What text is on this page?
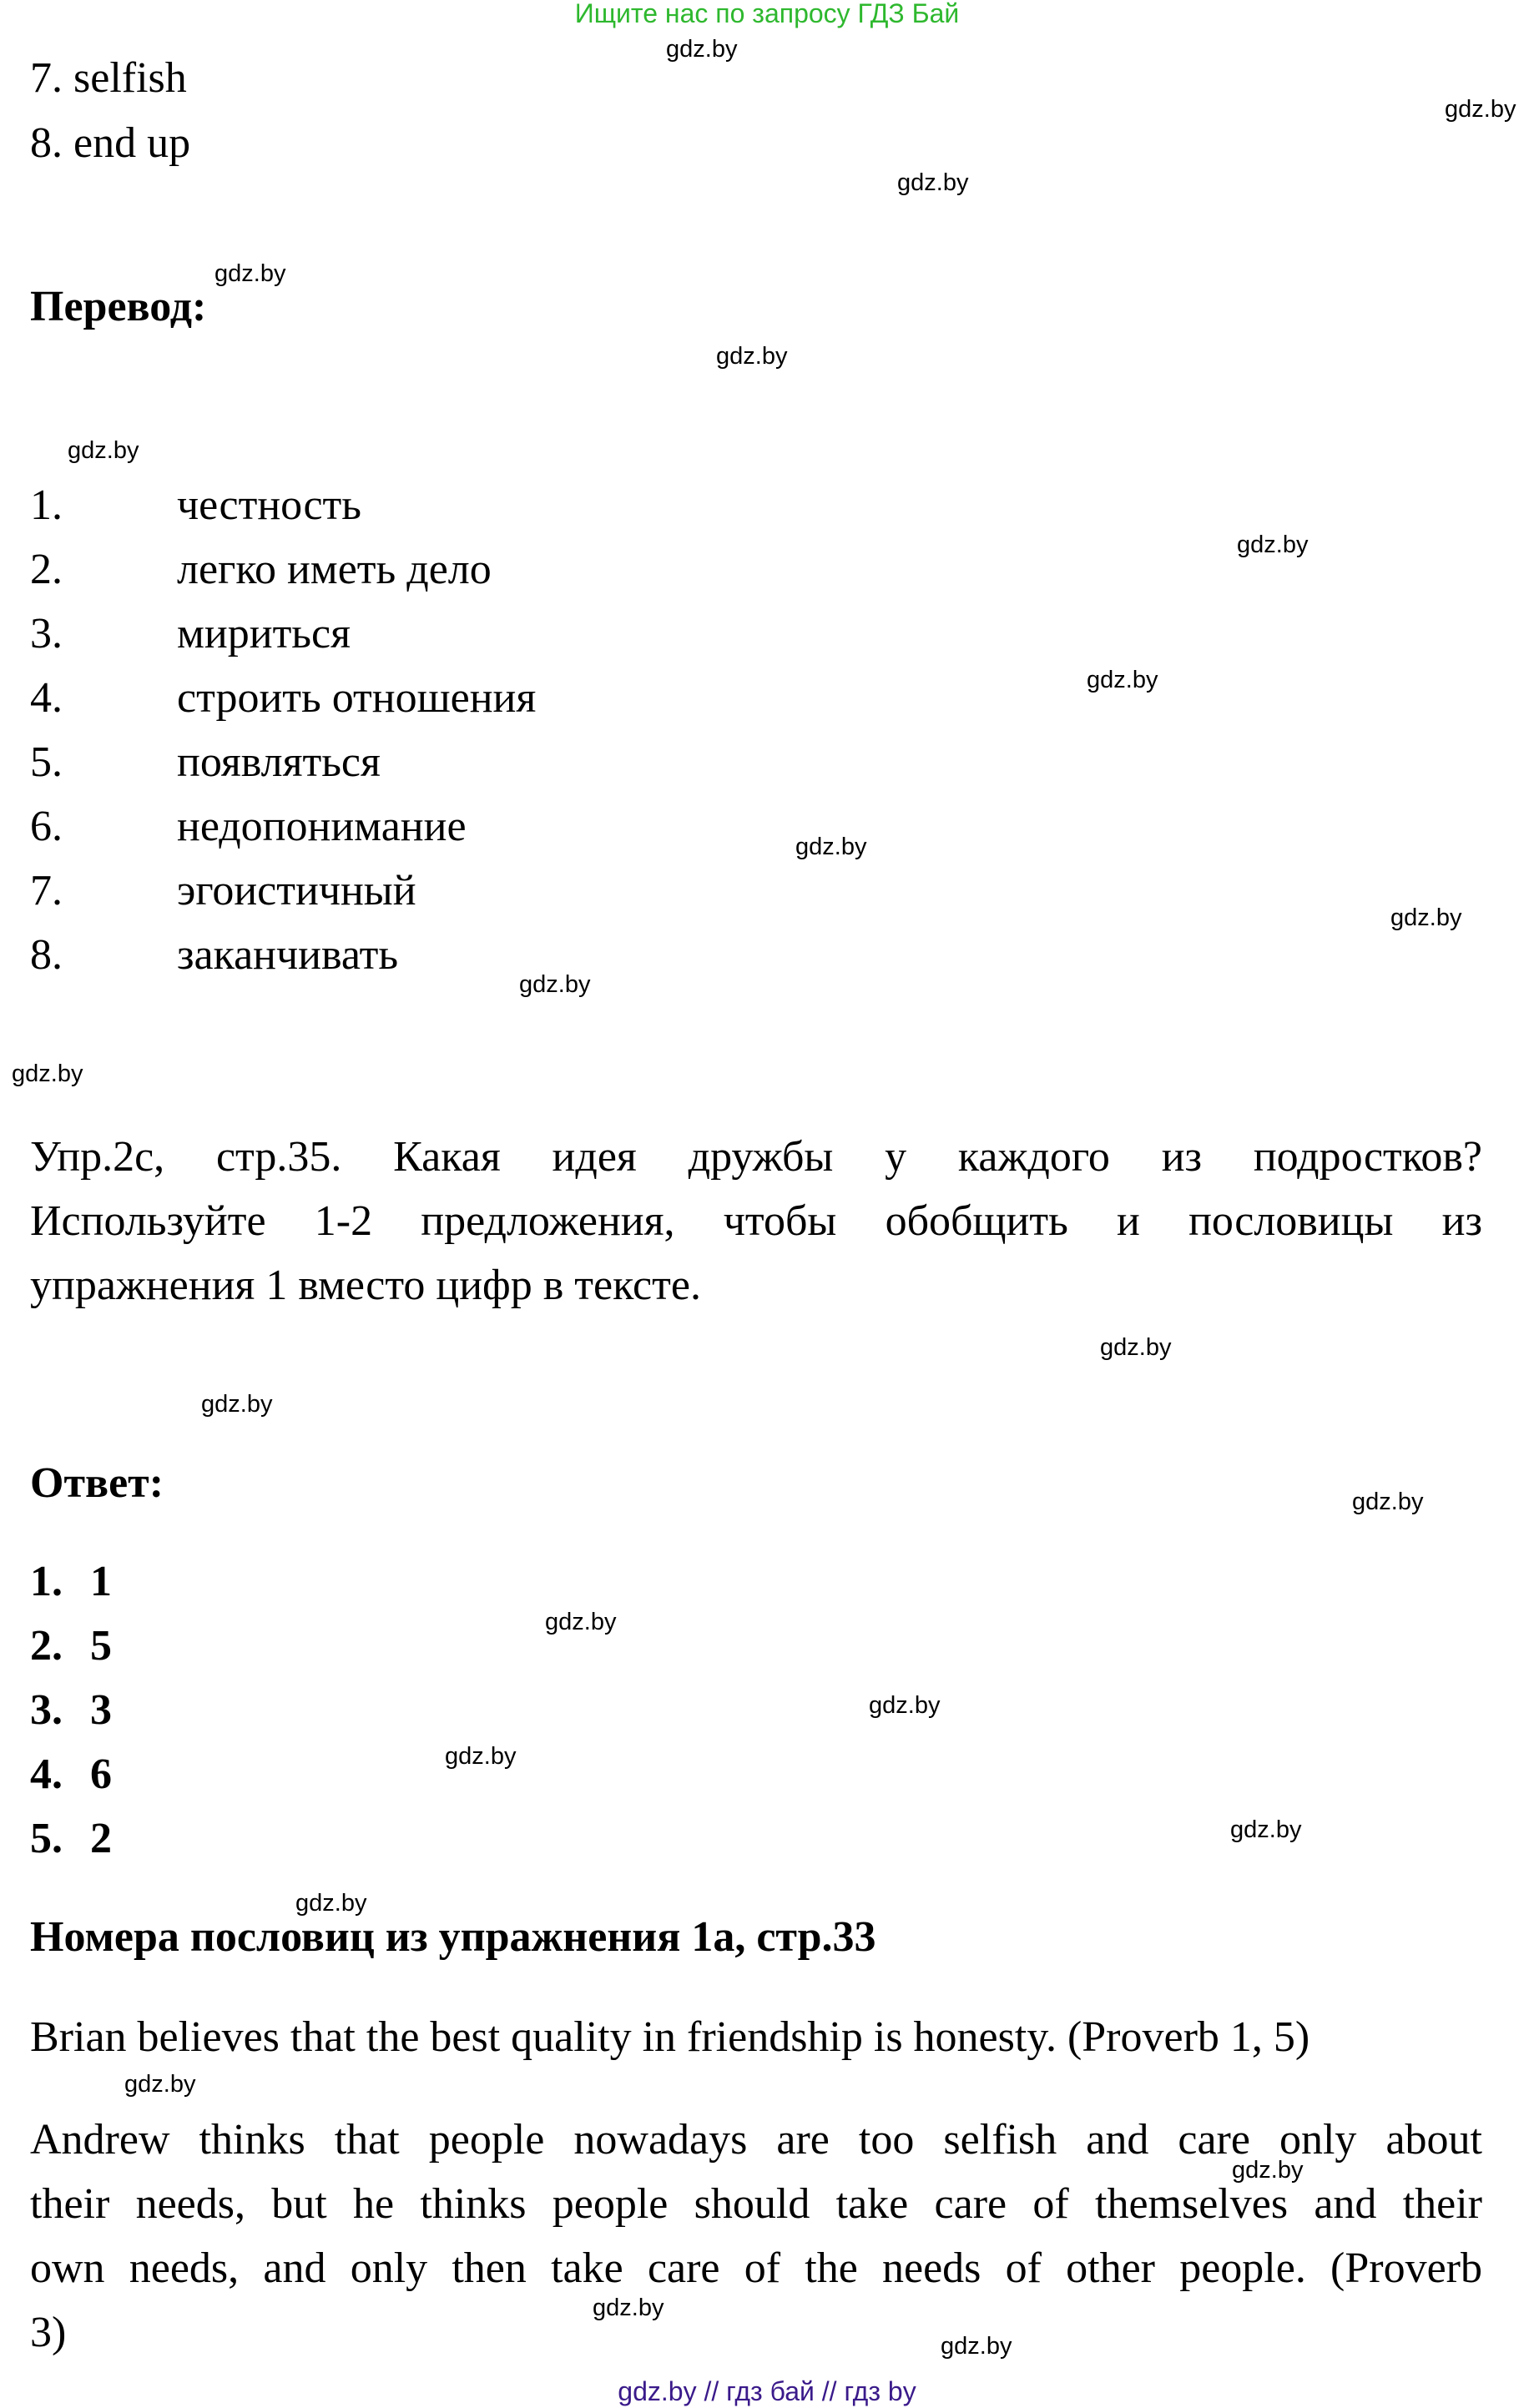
Ищите нас по запросу ГДЗ Бай
7. selfish
8. end up
Перевод:
1.	честность
2.	легко иметь дело
3.	мириться
4.	строить отношения
5.	появляться
6.	недопонимание
7.	эгоистичный
8.	заканчивать
Упр.2c, стр.35. Какая идея дружбы у каждого из подростков?
Используйте 1-2 предложения, чтобы обобщить и пословицы из
упражнения 1 вместо цифр в тексте.
Ответ:
1. 1
2. 5
3. 3
4. 6
5. 2
Номера пословиц из упражнения 1a, стр.33
Brian believes that the best quality in friendship is honesty. (Proverb 1, 5)
Andrew thinks that people nowadays are too selfish and care only about
their needs, but he thinks people should take care of themselves and their
own needs, and only then take care of the needs of other people. (Proverb
3)
gdz.by
gdz.by
gdz.by
gdz.by
gdz.by
gdz.by
gdz.by
gdz.by
gdz.by
gdz.by
gdz.by
gdz.by
gdz.by
gdz.by
gdz.by
gdz.by
gdz.by
gdz.by
gdz.by
gdz.by
gdz.by
gdz.by
gdz.by
gdz.by
gdz.by // гдз бай // гдз by
